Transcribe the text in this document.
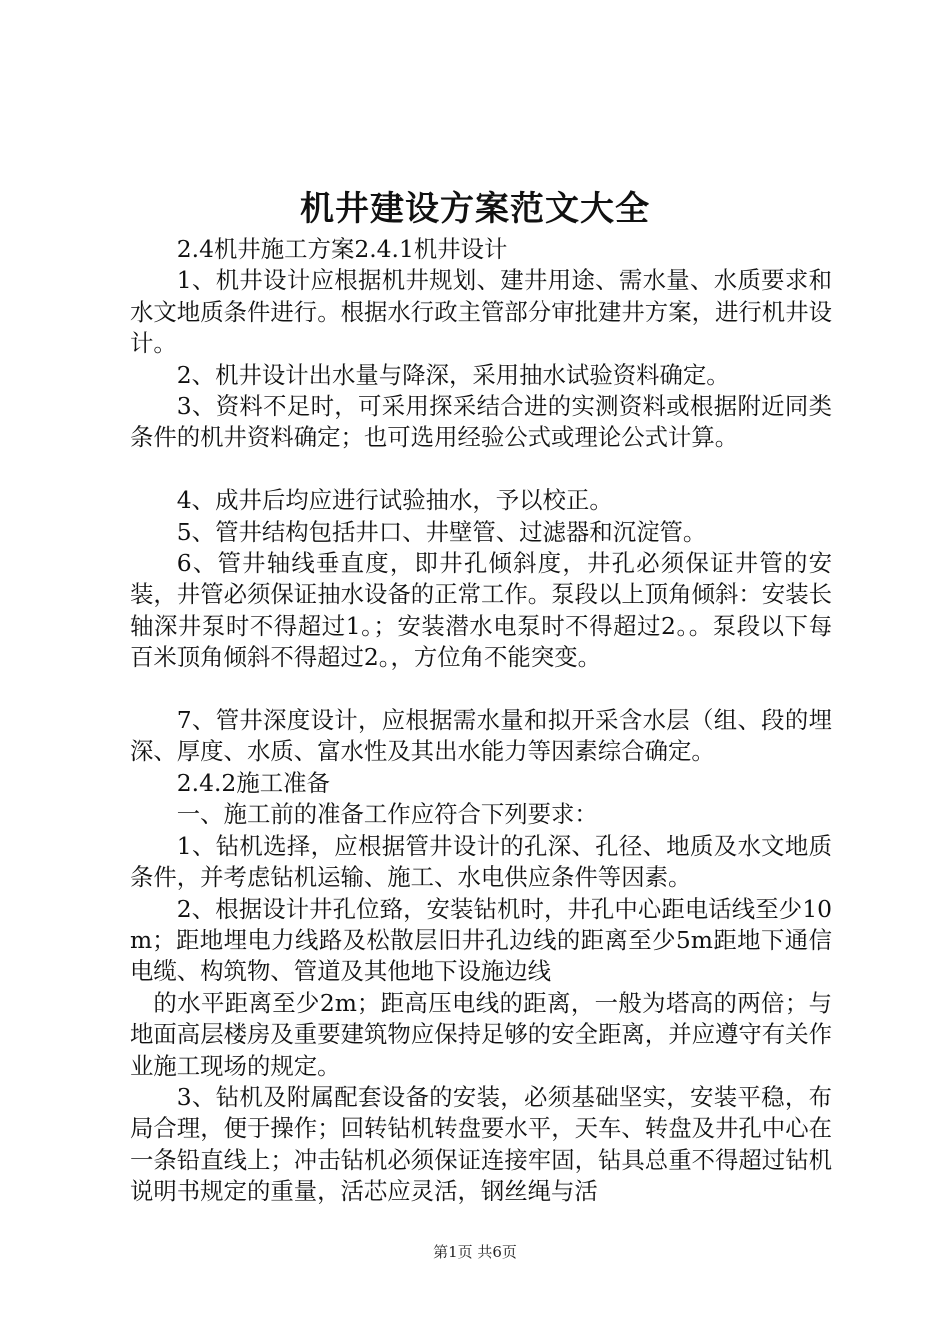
机井建设方案范文大全

2.4机井施工方案2.4.1机井设计

1、机井设计应根据机井规划、建井用途、需水量、水质要求和水文地质条件进行。根据水行政主管部分审批建井方案，进行机井设计。

2、机井设计出水量与降深，采用抽水试验资料确定。

3、资料不足时，可采用探采结合进的实测资料或根据附近同类条件的机井资料确定；也可选用经验公式或理论公式计算。

4、成井后均应进行试验抽水，予以校正。

5、管井结构包括井口、井壁管、过滤器和沉淀管。

6、管井轴线垂直度，即井孔倾斜度，井孔必须保证井管的安装，井管必须保证抽水设备的正常工作。泵段以上顶角倾斜：安装长轴深井泵时不得超过1。；安装潜水电泵时不得超过2。。泵段以下每百米顶角倾斜不得超过2。，方位角不能突变。

7、管井深度设计，应根据需水量和拟开采含水层（组、段的埋深、厚度、水质、富水性及其出水能力等因素综合确定。

2.4.2施工准备

一、施工前的准备工作应符合下列要求：

1、钻机选择，应根据管井设计的孔深、孔径、地质及水文地质条件，并考虑钻机运输、施工、水电供应条件等因素。

2、根据设计井孔位臵，安装钻机时，井孔中心距电话线至少10m；距地埋电力线路及松散层旧井孔边线的距离至少5m距地下通信电缆、构筑物、管道及其他地下设施边线

的水平距离至少2m；距高压电线的距离，一般为塔高的两倍；与地面高层楼房及重要建筑物应保持足够的安全距离，并应遵守有关作业施工现场的规定。

3、钻机及附属配套设备的安装，必须基础坚实，安装平稳，布局合理，便于操作；回转钻机转盘要水平，天车、转盘及井孔中心在一条铅直线上；冲击钻机必须保证连接牢固，钻具总重不得超过钻机说明书规定的重量，活芯应灵活，钢丝绳与活

第1页 共6页
